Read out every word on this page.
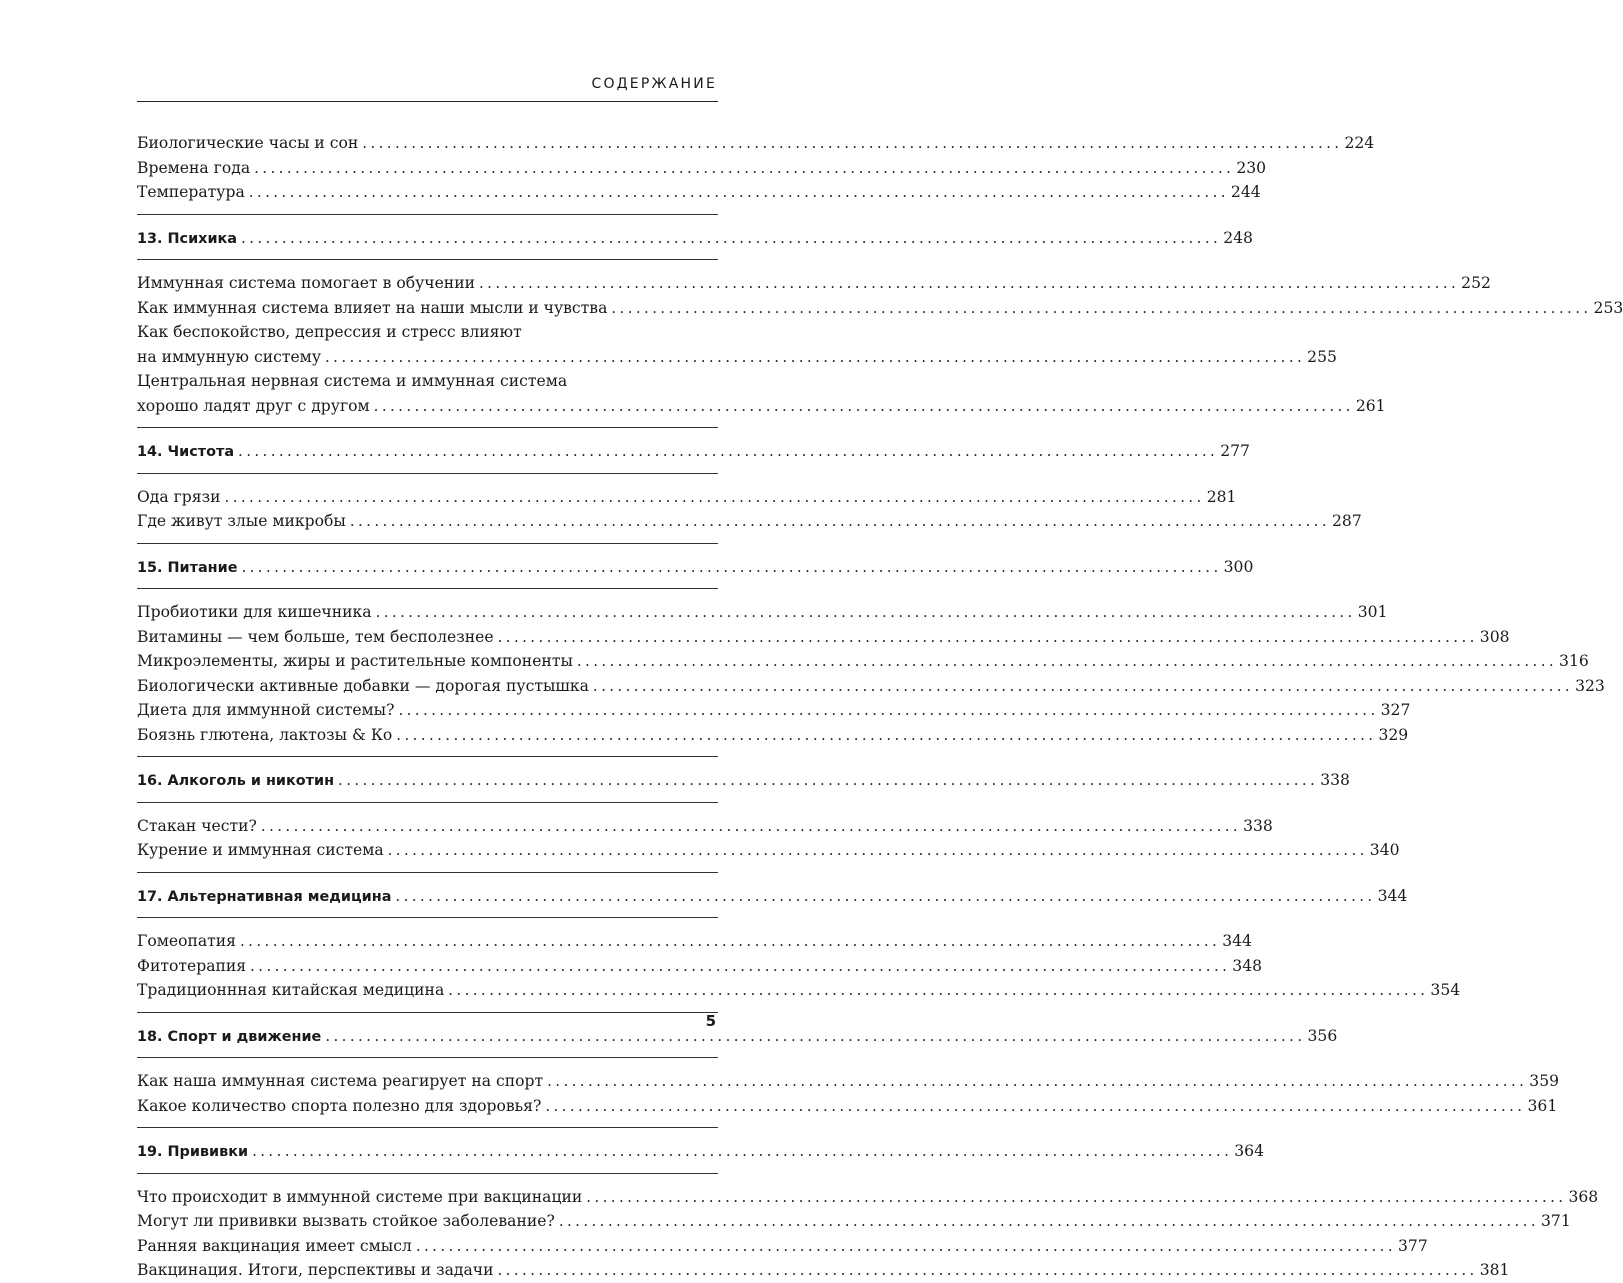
СОДЕРЖАНИЕ
Биологические часы и сон ........................................................................................................................ 224
Времена года ........................................................................................................................ 230
Температура ........................................................................................................................ 244
13. Психика ........................................................................................................................ 248
Иммунная система помогает в обучении ........................................................................................................................ 252
Как иммунная система влияет на наши мысли и чувства ........................................................................................................................ 253
Как беспокойство, депрессия и стресс влияют
на иммунную систему ........................................................................................................................ 255
Центральная нервная система и иммунная система
хорошо ладят друг с другом ........................................................................................................................ 261
14. Чистота ........................................................................................................................ 277
Ода грязи ........................................................................................................................ 281
Где живут злые микробы ........................................................................................................................ 287
15. Питание ........................................................................................................................ 300
Пробиотики для кишечника ........................................................................................................................ 301
Витамины — чем больше, тем бесполезнее ........................................................................................................................ 308
Микроэлементы, жиры и растительные компоненты ........................................................................................................................ 316
Биологически активные добавки — дорогая пустышка ........................................................................................................................ 323
Диета для иммунной системы? ........................................................................................................................ 327
Боязнь глютена, лактозы & Ко ........................................................................................................................ 329
16. Алкоголь и никотин ........................................................................................................................ 338
Стакан чести? ........................................................................................................................ 338
Курение и иммунная система ........................................................................................................................ 340
17. Альтернативная медицина ........................................................................................................................ 344
Гомеопатия ........................................................................................................................ 344
Фитотерапия ........................................................................................................................ 348
Традиционнная китайская медицина ........................................................................................................................ 354
18. Спорт и движение ........................................................................................................................ 356
Как наша иммунная система реагирует на спорт ........................................................................................................................ 359
Какое количество спорта полезно для здоровья? ........................................................................................................................ 361
19. Прививки ........................................................................................................................ 364
Что происходит в иммунной системе при вакцинации ........................................................................................................................ 368
Могут ли прививки вызвать стойкое заболевание? ........................................................................................................................ 371
Ранняя вакцинация имеет смысл ........................................................................................................................ 377
Вакцинация. Итоги, перспективы и задачи ........................................................................................................................ 381
5
